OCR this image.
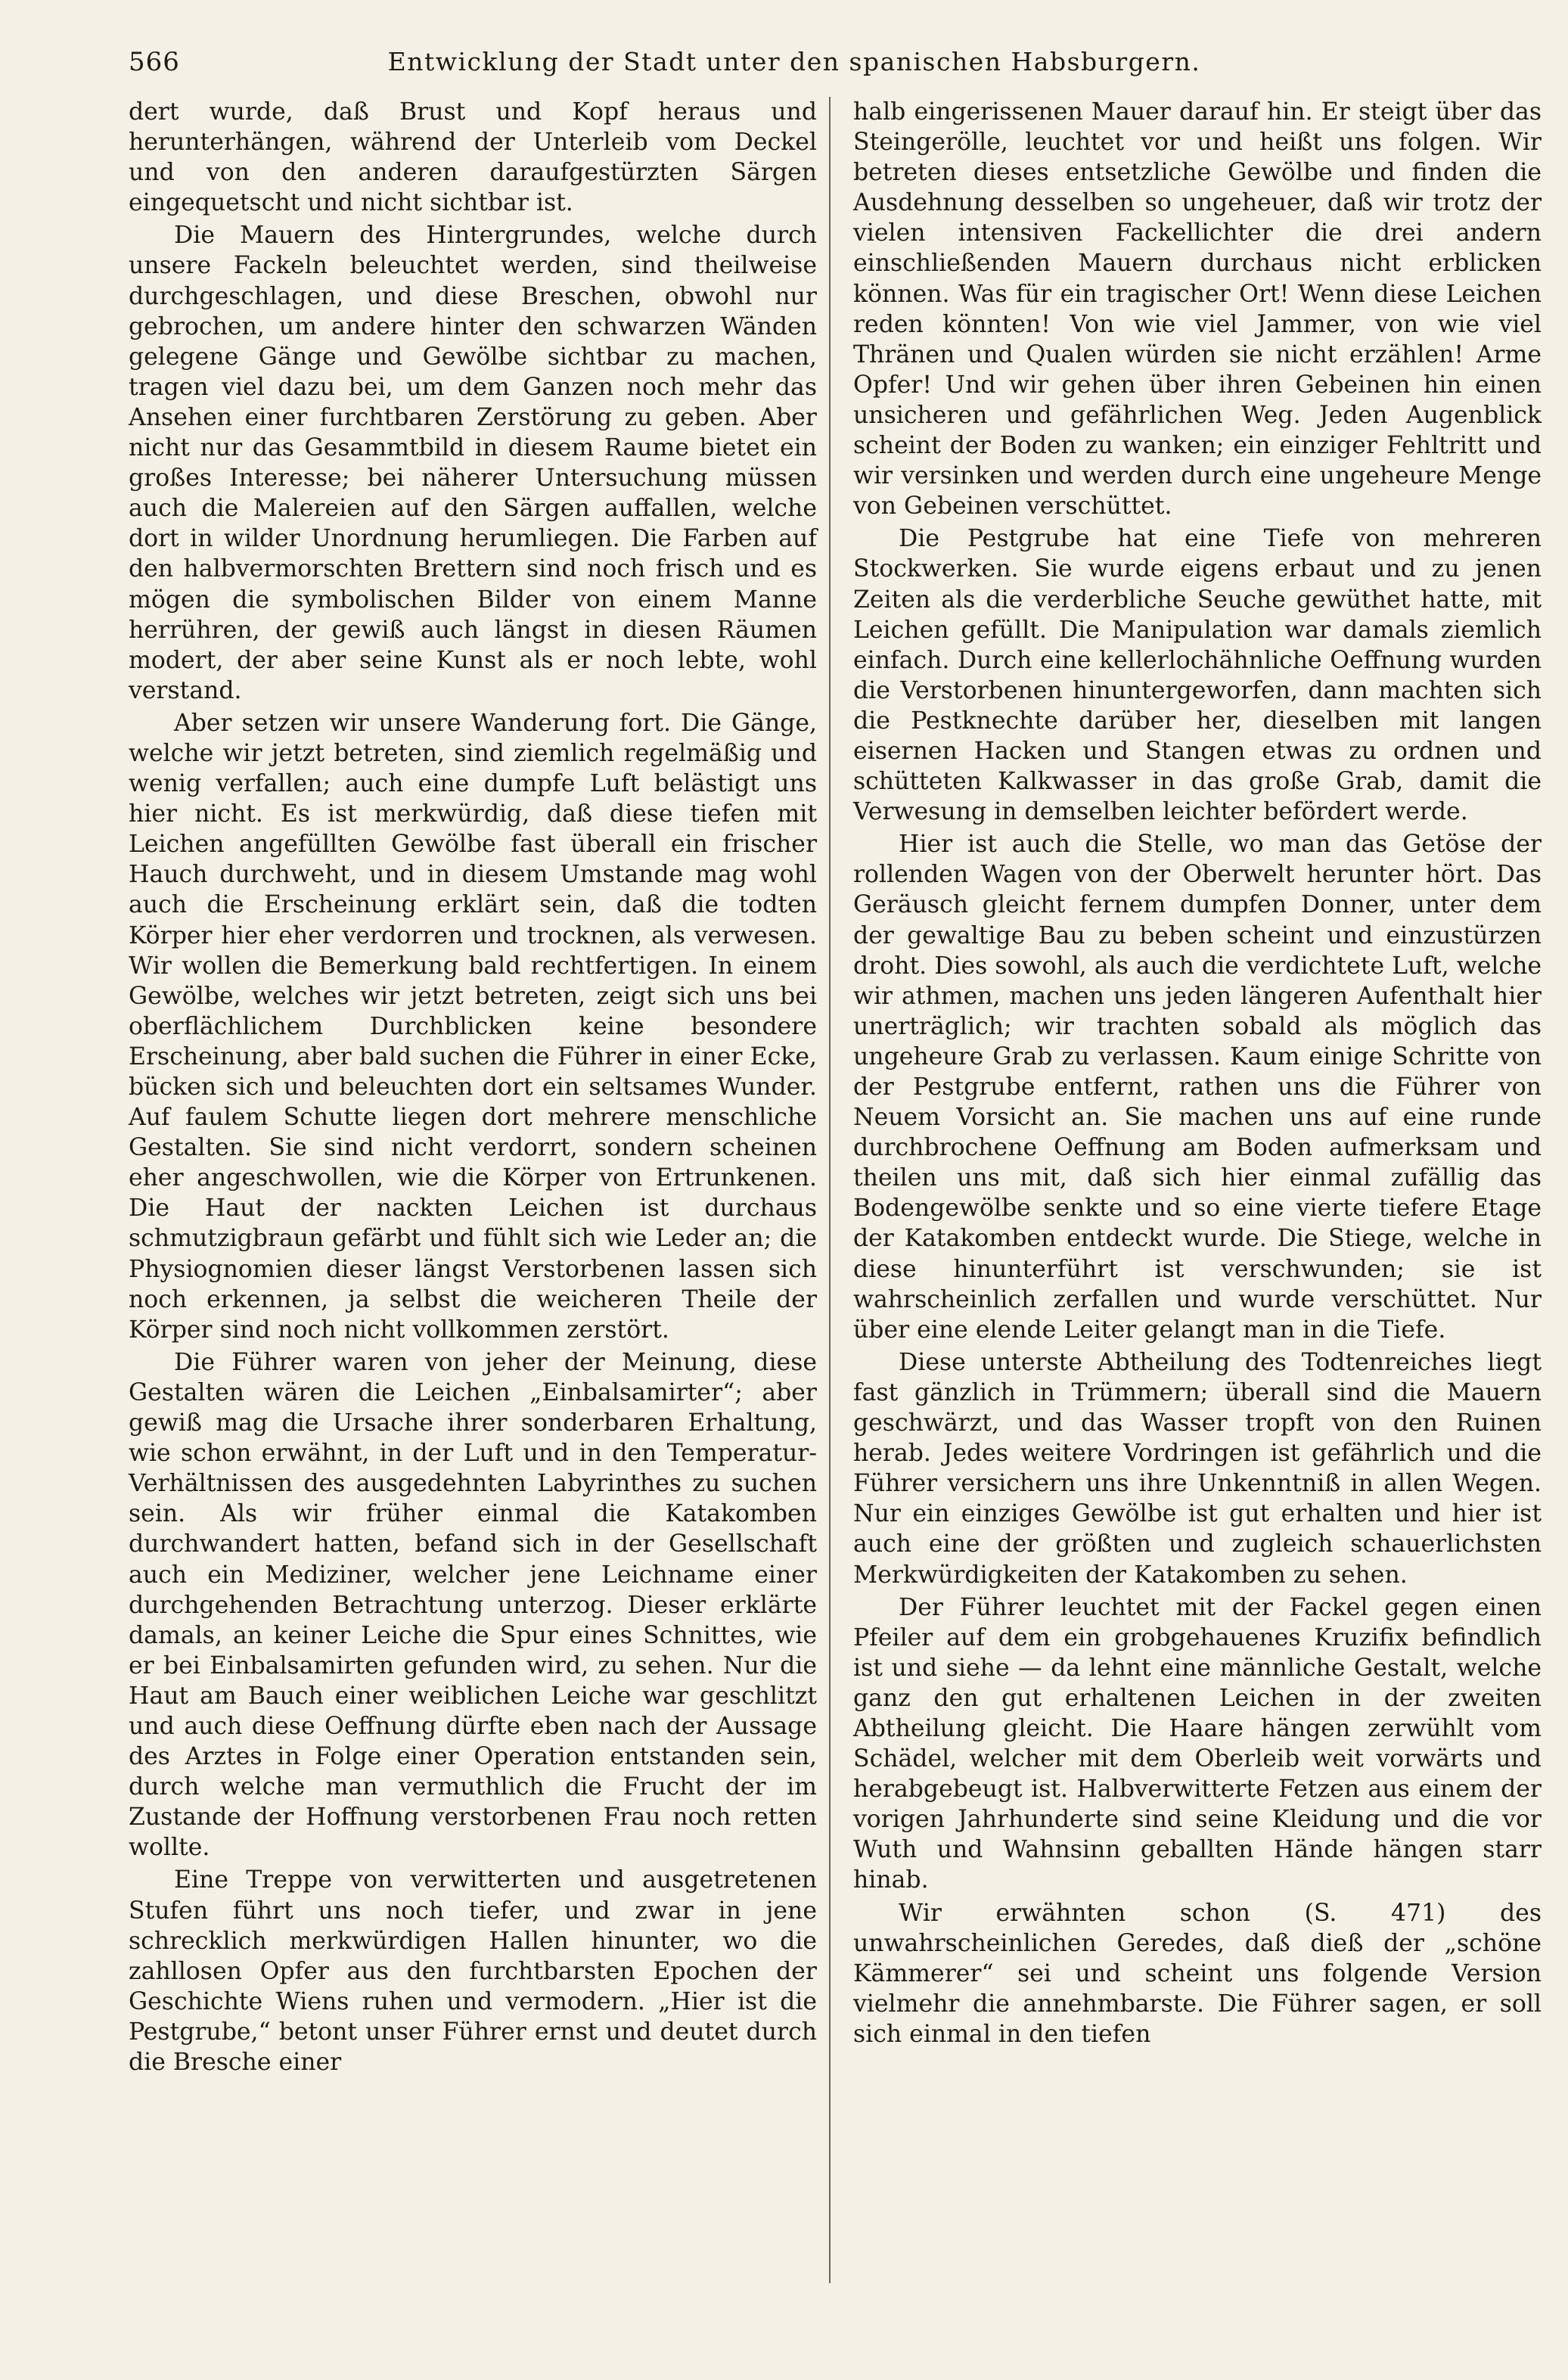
566	Entwicklung der Stadt unter den spanischen Habsburgern.

dert wurde, daß Brust und Kopf heraus und herunterhängen, während der Unterleib vom Deckel und von den anderen daraufgestürzten Särgen eingequetscht und nicht sichtbar ist.

Die Mauern des Hintergrundes, welche durch unsere Fackeln beleuchtet werden, sind theilweise durchgeschlagen, und diese Breschen, obwohl nur gebrochen, um andere hinter den schwarzen Wänden gelegene Gänge und Gewölbe sichtbar zu machen, tragen viel dazu bei, um dem Ganzen noch mehr das Ansehen einer furchtbaren Zerstörung zu geben. Aber nicht nur das Gesammtbild in diesem Raume bietet ein großes Interesse; bei näherer Untersuchung müssen auch die Malereien auf den Särgen auffallen, welche dort in wilder Unordnung herumliegen. Die Farben auf den halbvermorschten Brettern sind noch frisch und es mögen die symbolischen Bilder von einem Manne herrühren, der gewiß auch längst in diesen Räumen modert, der aber seine Kunst als er noch lebte, wohl verstand.

Aber setzen wir unsere Wanderung fort. Die Gänge, welche wir jetzt betreten, sind ziemlich regelmäßig und wenig verfallen; auch eine dumpfe Luft belästigt uns hier nicht. Es ist merkwürdig, daß diese tiefen mit Leichen angefüllten Gewölbe fast überall ein frischer Hauch durchweht, und in diesem Umstande mag wohl auch die Erscheinung erklärt sein, daß die todten Körper hier eher verdorren und trocknen, als verwesen. Wir wollen die Bemerkung bald rechtfertigen. In einem Gewölbe, welches wir jetzt betreten, zeigt sich uns bei oberflächlichem Durchblicken keine besondere Erscheinung, aber bald suchen die Führer in einer Ecke, bücken sich und beleuchten dort ein seltsames Wunder. Auf faulem Schutte liegen dort mehrere menschliche Gestalten. Sie sind nicht verdorrt, sondern scheinen eher angeschwollen, wie die Körper von Ertrunkenen. Die Haut der nackten Leichen ist durchaus schmutzigbraun gefärbt und fühlt sich wie Leder an; die Physiognomien dieser längst Verstorbenen lassen sich noch erkennen, ja selbst die weicheren Theile der Körper sind noch nicht vollkommen zerstört.

Die Führer waren von jeher der Meinung, diese Gestalten wären die Leichen „Einbalsamirter“; aber gewiß mag die Ursache ihrer sonderbaren Erhaltung, wie schon erwähnt, in der Luft und in den Temperatur-Verhältnissen des ausgedehnten Labyrinthes zu suchen sein. Als wir früher einmal die Katakomben durchwandert hatten, befand sich in der Gesellschaft auch ein Mediziner, welcher jene Leichname einer durchgehenden Betrachtung unterzog. Dieser erklärte damals, an keiner Leiche die Spur eines Schnittes, wie er bei Einbalsamirten gefunden wird, zu sehen. Nur die Haut am Bauch einer weiblichen Leiche war geschlitzt und auch diese Oeffnung dürfte eben nach der Aussage des Arztes in Folge einer Operation entstanden sein, durch welche man vermuthlich die Frucht der im Zustande der Hoffnung verstorbenen Frau noch retten wollte.

Eine Treppe von verwitterten und ausgetretenen Stufen führt uns noch tiefer, und zwar in jene schrecklich merkwürdigen Hallen hinunter, wo die zahllosen Opfer aus den furchtbarsten Epochen der Geschichte Wiens ruhen und vermodern. „Hier ist die Pestgrube,“ betont unser Führer ernst und deutet durch die Bresche einer

halb eingerissenen Mauer darauf hin. Er steigt über das Steingerölle, leuchtet vor und heißt uns folgen. Wir betreten dieses entsetzliche Gewölbe und finden die Ausdehnung desselben so ungeheuer, daß wir trotz der vielen intensiven Fackellichter die drei andern einschließenden Mauern durchaus nicht erblicken können. Was für ein tragischer Ort! Wenn diese Leichen reden könnten! Von wie viel Jammer, von wie viel Thränen und Qualen würden sie nicht erzählen! Arme Opfer! Und wir gehen über ihren Gebeinen hin einen unsicheren und gefährlichen Weg. Jeden Augenblick scheint der Boden zu wanken; ein einziger Fehltritt und wir versinken und werden durch eine ungeheure Menge von Gebeinen verschüttet.

Die Pestgrube hat eine Tiefe von mehreren Stockwerken. Sie wurde eigens erbaut und zu jenen Zeiten als die verderbliche Seuche gewüthet hatte, mit Leichen gefüllt. Die Manipulation war damals ziemlich einfach. Durch eine kellerlochähnliche Oeffnung wurden die Verstorbenen hinuntergeworfen, dann machten sich die Pestknechte darüber her, dieselben mit langen eisernen Hacken und Stangen etwas zu ordnen und schütteten Kalkwasser in das große Grab, damit die Verwesung in demselben leichter befördert werde.

Hier ist auch die Stelle, wo man das Getöse der rollenden Wagen von der Oberwelt herunter hört. Das Geräusch gleicht fernem dumpfen Donner, unter dem der gewaltige Bau zu beben scheint und einzustürzen droht. Dies sowohl, als auch die verdichtete Luft, welche wir athmen, machen uns jeden längeren Aufenthalt hier unerträglich; wir trachten sobald als möglich das ungeheure Grab zu verlassen. Kaum einige Schritte von der Pestgrube entfernt, rathen uns die Führer von Neuem Vorsicht an. Sie machen uns auf eine runde durchbrochene Oeffnung am Boden aufmerksam und theilen uns mit, daß sich hier einmal zufällig das Bodengewölbe senkte und so eine vierte tiefere Etage der Katakomben entdeckt wurde. Die Stiege, welche in diese hinunterführt ist verschwunden; sie ist wahrscheinlich zerfallen und wurde verschüttet. Nur über eine elende Leiter gelangt man in die Tiefe.

Diese unterste Abtheilung des Todtenreiches liegt fast gänzlich in Trümmern; überall sind die Mauern geschwärzt, und das Wasser tropft von den Ruinen herab. Jedes weitere Vordringen ist gefährlich und die Führer versichern uns ihre Unkenntniß in allen Wegen. Nur ein einziges Gewölbe ist gut erhalten und hier ist auch eine der größten und zugleich schauerlichsten Merkwürdigkeiten der Katakomben zu sehen.

Der Führer leuchtet mit der Fackel gegen einen Pfeiler auf dem ein grobgehauenes Kruzifix befindlich ist und siehe — da lehnt eine männliche Gestalt, welche ganz den gut erhaltenen Leichen in der zweiten Abtheilung gleicht. Die Haare hängen zerwühlt vom Schädel, welcher mit dem Oberleib weit vorwärts und herabgebeugt ist. Halbverwitterte Fetzen aus einem der vorigen Jahrhunderte sind seine Kleidung und die vor Wuth und Wahnsinn geballten Hände hängen starr hinab.

Wir erwähnten schon (S. 471) des unwahrscheinlichen Geredes, daß dieß der „schöne Kämmerer“ sei und scheint uns folgende Version vielmehr die annehmbarste. Die Führer sagen, er soll sich einmal in den tiefen
